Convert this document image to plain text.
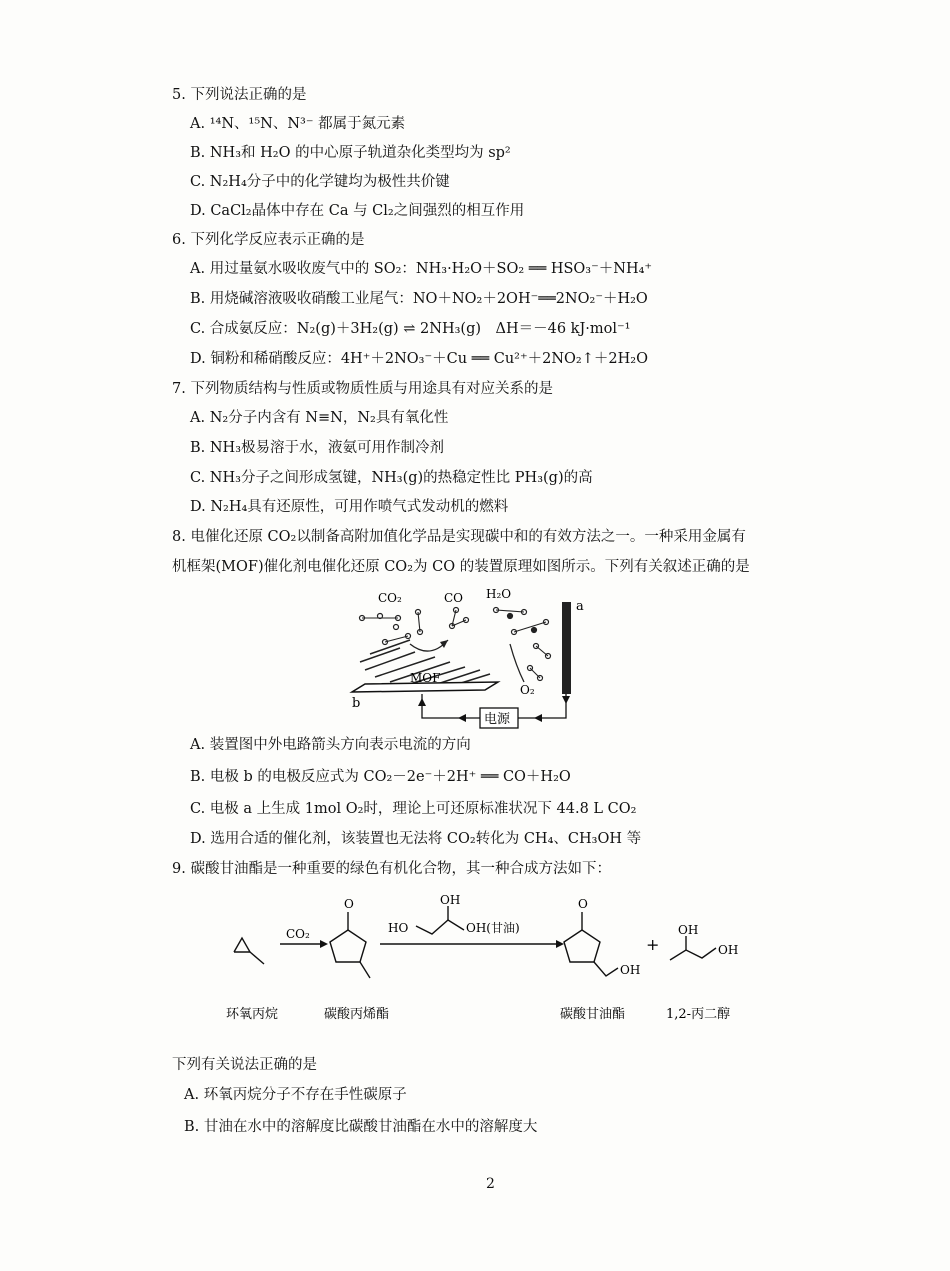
5. 下列说法正确的是
A. ¹⁴N、¹⁵N、N³⁻ 都属于氮元素
B. NH₃和 H₂O 的中心原子轨道杂化类型均为 sp²
C. N₂H₄分子中的化学键均为极性共价键
D. CaCl₂晶体中存在 Ca 与 Cl₂之间强烈的相互作用
6. 下列化学反应表示正确的是
A. 用过量氨水吸收废气中的 SO₂：NH₃·H₂O＋SO₂ ══ HSO₃⁻＋NH₄⁺
B. 用烧碱溶液吸收硝酸工业尾气：NO＋NO₂＋2OH⁻══2NO₂⁻＋H₂O
C. 合成氨反应：N₂(g)＋3H₂(g) ⇌ 2NH₃(g)　ΔH＝－46 kJ·mol⁻¹
D. 铜粉和稀硝酸反应：4H⁺＋2NO₃⁻＋Cu ══ Cu²⁺＋2NO₂↑＋2H₂O
7. 下列物质结构与性质或物质性质与用途具有对应关系的是
A. N₂分子内含有 N≡N，N₂具有氧化性
B. NH₃极易溶于水，液氨可用作制冷剂
C. NH₃分子之间形成氢键，NH₃(g)的热稳定性比 PH₃(g)的高
D. N₂H₄具有还原性，可用作喷气式发动机的燃料
8. 电催化还原 CO₂以制备高附加值化学品是实现碳中和的有效方法之一。一种采用金属有
机框架(MOF)催化剂电催化还原 CO₂为 CO 的装置原理如图所示。下列有关叙述正确的是
MOF
b
a
CO₂	CO H₂O
O₂
电源
A. 装置图中外电路箭头方向表示电流的方向
B. 电极 b 的电极反应式为 CO₂－2e⁻＋2H⁺ ══ CO＋H₂O
C. 电极 a 上生成 1mol O₂时，理论上可还原标准状况下 44.8 L CO₂
D. 选用合适的催化剂，该装置也无法将 CO₂转化为 CH₄、CH₃OH 等
9. 碳酸甘油酯是一种重要的绿色有机化合物，其一种合成方法如下：
CO₂
O	O
HO
OH
OH(甘油)
OH
+
OH
OH
环氧丙烷	碳酸丙烯酯	碳酸甘油酯	1,2-丙二醇
下列有关说法正确的是
A. 环氧丙烷分子不存在手性碳原子
B. 甘油在水中的溶解度比碳酸甘油酯在水中的溶解度大
2
